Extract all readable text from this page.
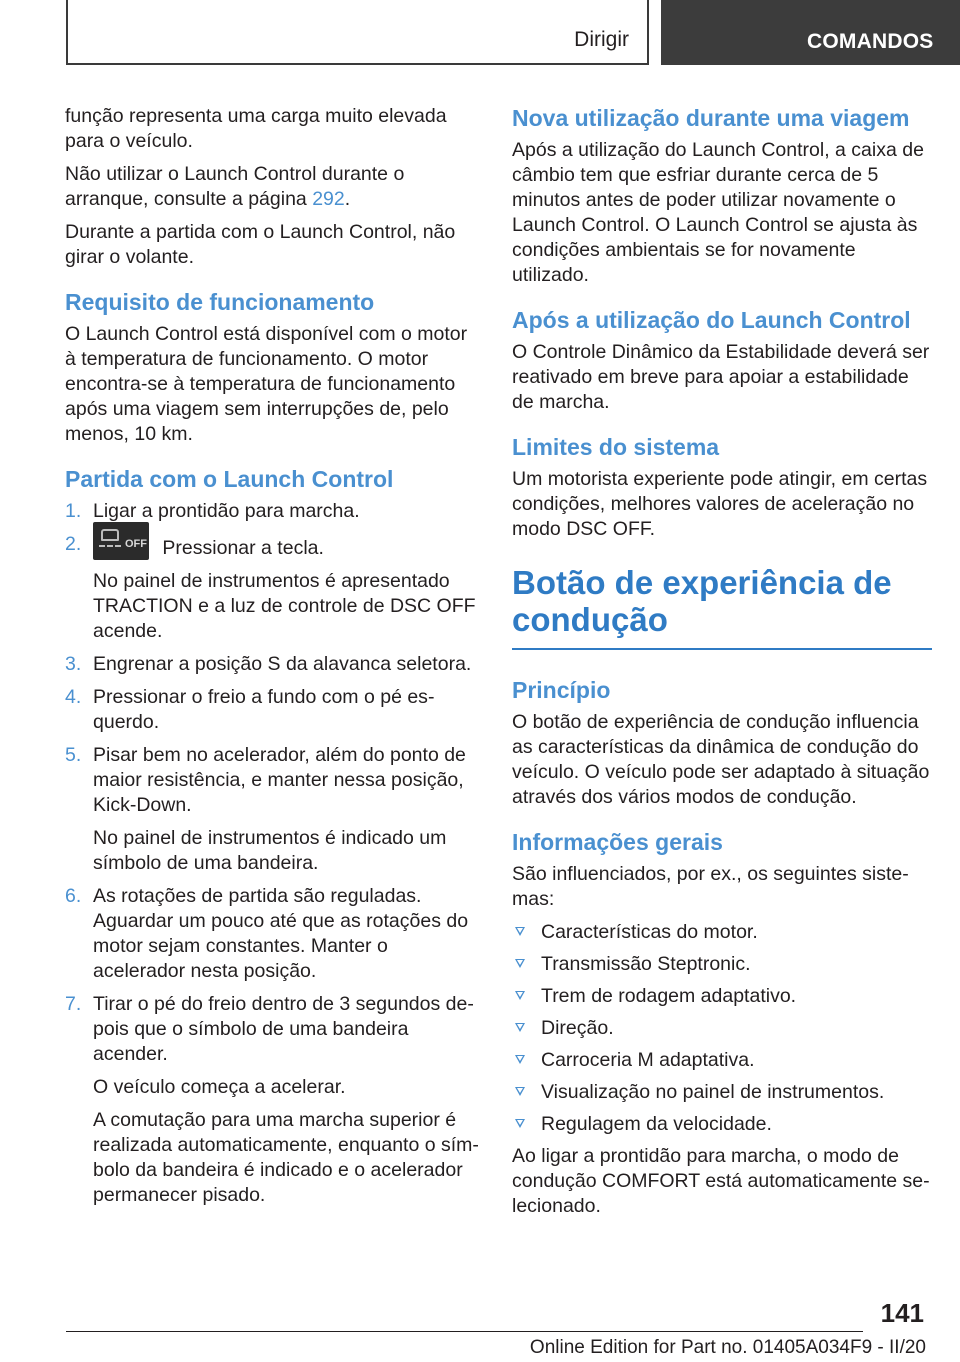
Dirigir	COMANDOS

função representa uma carga muito elevada para o veículo.

Não utilizar o Launch Control durante o arranque, consulte a página 292.

Durante a partida com o Launch Control, não girar o volante.

Requisito de funcionamento

O Launch Control está disponível com o motor à temperatura de funcionamento. O motor encontra-se à temperatura de funcionamento após uma viagem sem interrupções de, pelo menos, 10 km.

Partida com o Launch Control
1. Ligar a prontidão para marcha.
2.	OFF Pressionar a tecla.
No painel de instrumentos é apresentado TRACTION e a luz de controle de DSC OFF acende.
3. Engrenar a posição S da alavanca seletora.
4. Pressionar o freio a fundo com o pé esquerdo.
5. Pisar bem no acelerador, além do ponto de maior resistência, e manter nessa posição, Kick-Down.
No painel de instrumentos é indicado um símbolo de uma bandeira.
6. As rotações de partida são reguladas. Aguardar um pouco até que as rotações do motor sejam constantes. Manter o acelerador nesta posição.
7. Tirar o pé do freio dentro de 3 segundos depois que o símbolo de uma bandeira acender.
O veículo começa a acelerar.
A comutação para uma marcha superior é realizada automaticamente, enquanto o símbolo da bandeira é indicado e o acelerador permanecer pisado.
Nova utilização durante uma viagem

Após a utilização do Launch Control, a caixa de câmbio tem que esfriar durante cerca de 5 minutos antes de poder utilizar novamente o Launch Control. O Launch Control se ajusta às condições ambientais se for novamente utilizado.

Após a utilização do Launch Control

O Controle Dinâmico da Estabilidade deverá ser reativado em breve para apoiar a estabilidade de marcha.

Limites do sistema

Um motorista experiente pode atingir, em certas condições, melhores valores de aceleração no modo DSC OFF.

Botão de experiência de condução
Princípio

O botão de experiência de condução influencia as características da dinâmica de condução do veículo. O veículo pode ser adaptado à situação através dos vários modos de condução.

Informações gerais

São influenciados, por ex., os seguintes sistemas:

Características do motor.
Transmissão Steptronic.
Trem de rodagem adaptativo.
Direção.
Carroceria M adaptativa.
Visualização no painel de instrumentos.
Regulagem da velocidade.

Ao ligar a prontidão para marcha, o modo de condução COMFORT está automaticamente selecionado.

141
Online Edition for Part no. 01405A034F9 - II/20
